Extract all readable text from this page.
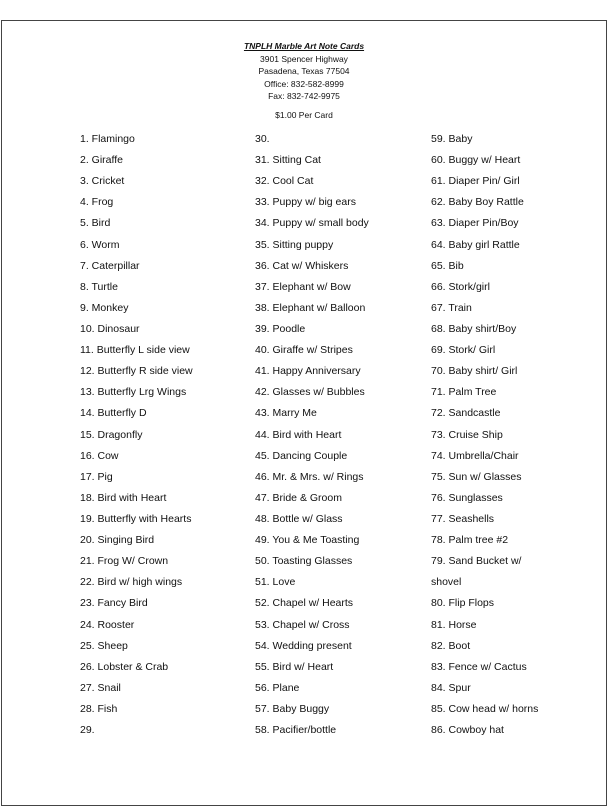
TNPLH Marble Art Note Cards
3901 Spencer Highway
Pasadena, Texas 77504
Office: 832-582-8999
Fax: 832-742-9975
$1.00 Per Card
1. Flamingo
2. Giraffe
3. Cricket
4. Frog
5. Bird
6. Worm
7. Caterpillar
8. Turtle
9. Monkey
10. Dinosaur
11. Butterfly L side view
12. Butterfly R side view
13. Butterfly Lrg Wings
14. Butterfly D
15. Dragonfly
16. Cow
17. Pig
18. Bird with Heart
19. Butterfly with Hearts
20. Singing Bird
21. Frog W/ Crown
22. Bird w/ high wings
23. Fancy Bird
24. Rooster
25. Sheep
26. Lobster & Crab
27. Snail
28. Fish
29.
30.
31. Sitting Cat
32. Cool Cat
33. Puppy w/ big ears
34. Puppy w/ small body
35. Sitting puppy
36. Cat w/ Whiskers
37. Elephant w/ Bow
38. Elephant w/ Balloon
39. Poodle
40. Giraffe w/ Stripes
41. Happy Anniversary
42. Glasses w/ Bubbles
43. Marry Me
44. Bird with Heart
45. Dancing Couple
46. Mr. & Mrs. w/ Rings
47. Bride & Groom
48. Bottle w/ Glass
49. You & Me Toasting
50. Toasting Glasses
51. Love
52. Chapel w/ Hearts
53. Chapel w/ Cross
54. Wedding present
55. Bird w/ Heart
56. Plane
57. Baby Buggy
58. Pacifier/bottle
59. Baby
60. Buggy w/ Heart
61. Diaper Pin/ Girl
62. Baby Boy Rattle
63. Diaper Pin/Boy
64. Baby girl Rattle
65. Bib
66. Stork/girl
67. Train
68. Baby shirt/Boy
69. Stork/ Girl
70. Baby shirt/ Girl
71. Palm Tree
72. Sandcastle
73. Cruise Ship
74. Umbrella/Chair
75. Sun w/ Glasses
76. Sunglasses
77. Seashells
78. Palm tree #2
79. Sand Bucket w/
shovel
80. Flip Flops
81. Horse
82. Boot
83. Fence w/ Cactus
84. Spur
85. Cow head w/ horns
86. Cowboy hat
